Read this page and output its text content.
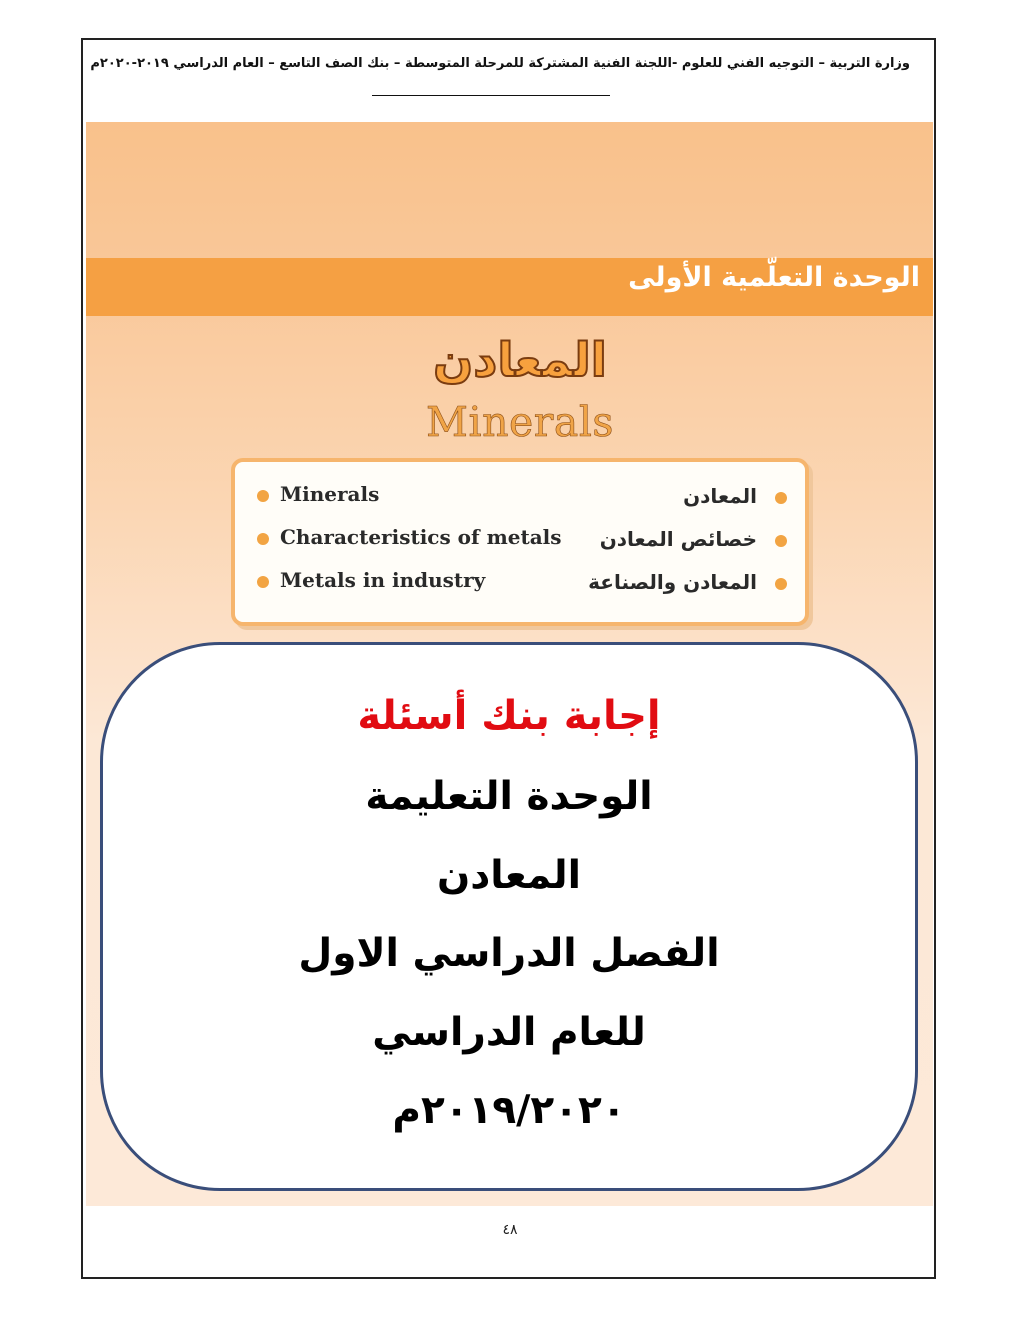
وزارة التربية – التوجيه الفني للعلوم -اللجنة الفنية المشتركة للمرحلة المتوسطة – بنك الصف التاسع – العام الدراسي ٢٠١٩-٢٠٢٠م
الوحدة التعلّمية الأولى
المعادن
Minerals
Minerals	المعادن
Characteristics of metals خصائص المعادن
Metals in industry	المعادن والصناعة
إجابة بنك أسئلة
الوحدة التعليمة
المعادن
الفصل الدراسي الاول
للعام الدراسي
٢٠١٩/٢٠٢٠م
٤٨
